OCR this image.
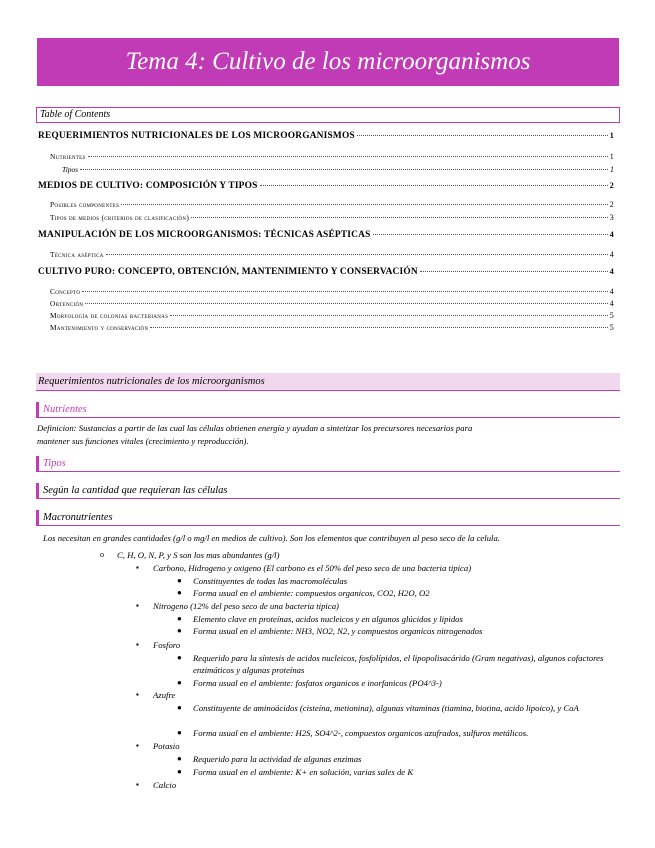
Tema 4: Cultivo de los microorganismos
Table of Contents
REQUERIMIENTOS NUTRICIONALES DE LOS MICROORGANISMOS	1
Nutrientes	1
Tipos	1
MEDIOS DE CULTIVO: COMPOSICIÓN Y TIPOS	2
Posibles componentes	2
Tipos de medios (criterios de clasificación)	3
MANIPULACIÓN DE LOS MICROORGANISMOS: TÉCNICAS ASÉPTICAS	4
Técnica aséptica	4
CULTIVO PURO: CONCEPTO, OBTENCIÓN, MANTENIMIENTO Y CONSERVACIÓN	4
Concepto	4
Obtención	4
Morfología de colonias bacterianas	5
Mantenimiento y conservación	5
Requerimientos nutricionales de los microorganismos
Nutrientes
Definicion: Sustancias a partir de las cual las células obtienen energía y ayudan a sintetizar los precursores necesarios para
mantener sus funciones vitales (crecimiento y reproducción).
Tipos
Según la cantidad que requieran las células
Macronutrientes
Los necesitan en grandes cantidades (g/l o mg/l en medios de cultivo). Son los elementos que contribuyen al peso seco de la celula.
o C, H, O, N, P, y S son los mas abundantes (g/l)
▪ Carbono, Hidrogeno y oxigeno (El carbono es el 50% del peso seco de una bacteria tipica)
● Constituyentes de todas las macromoléculas
● Forma usual en el ambiente: compuestos organicos, CO2, H2O, O2
▪ Nitrogeno (12% del peso seco de una bacteria tipica)
● Elemento clave en proteínas, acidos nucleicos y en algunos glúcidos y lipidos
● Forma usual en el ambiente: NH3, NO2, N2, y compuestos organicos nitrogenados
▪ Fosforo
● Requerido para la síntesis de acidos nucleicos, fosfolípidos, el lipopolisacárido (Gram negativas), algunos cofactores enzimáticos y algunas proteínas
● Forma usual en el ambiente: fosfatos organicos e inorfanicos (PO4^3-)
▪ Azufre
● Constituyente de aminoácidos (cisteína, metionina), algunas vitaminas (tiamina, biotina, acido lipoico), y CoA
● Forma usual en el ambiente: H2S, SO4^2-, compuestos organicos azufrados, sulfuros metálicos.
▪ Potasio
● Requerido para la actividad de algunas enzimas
● Forma usual en el ambiente: K+ en solución, varias sales de K
▪ Calcio
